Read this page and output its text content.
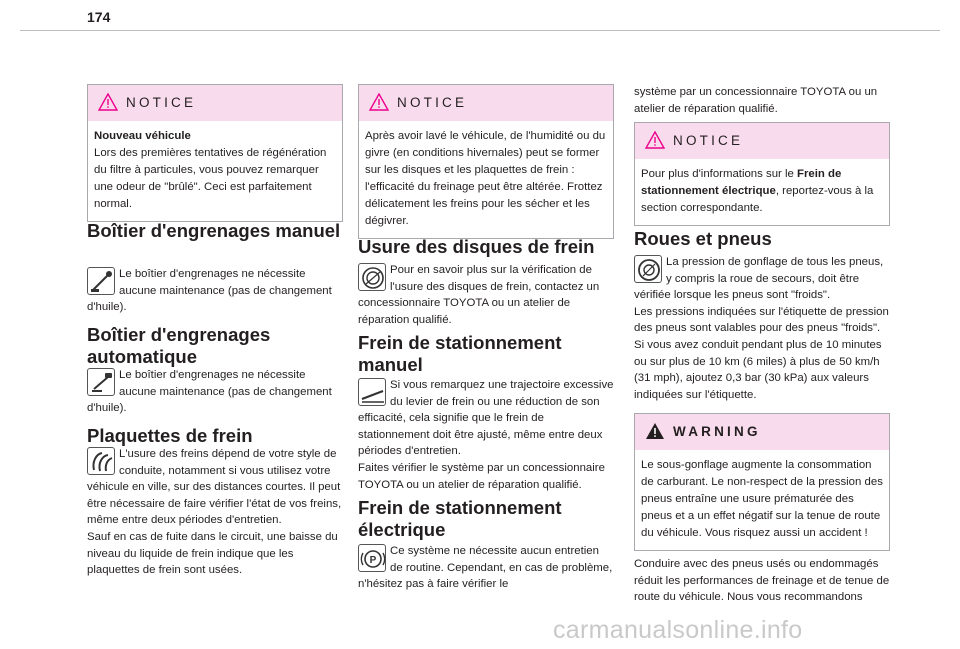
174
NOTICE
Nouveau véhicule
Lors des premières tentatives de régénération du filtre à particules, vous pouvez remarquer une odeur de "brûlé". Ceci est parfaitement normal.
Boîtier d'engrenages manuel
Le boîtier d'engrenages ne nécessite aucune maintenance (pas de changement d'huile).
Boîtier d'engrenages automatique
Le boîtier d'engrenages ne nécessite aucune maintenance (pas de changement d'huile).
Plaquettes de frein
L'usure des freins dépend de votre style de conduite, notamment si vous utilisez votre véhicule en ville, sur des distances courtes. Il peut être nécessaire de faire vérifier l'état de vos freins, même entre deux périodes d'entretien.
Sauf en cas de fuite dans le circuit, une baisse du niveau du liquide de frein indique que les plaquettes de frein sont usées.
NOTICE
Après avoir lavé le véhicule, de l'humidité ou du givre (en conditions hivernales) peut se former sur les disques et les plaquettes de frein : l'efficacité du freinage peut être altérée. Frottez délicatement les freins pour les sécher et les dégivrer.
Usure des disques de frein
Pour en savoir plus sur la vérification de l'usure des disques de frein, contactez un concessionnaire TOYOTA ou un atelier de réparation qualifié.
Frein de stationnement manuel
Si vous remarquez une trajectoire excessive du levier de frein ou une réduction de son efficacité, cela signifie que le frein de stationnement doit être ajusté, même entre deux périodes d'entretien.
Faites vérifier le système par un concessionnaire TOYOTA ou un atelier de réparation qualifié.
Frein de stationnement électrique
P
Ce système ne nécessite aucun entretien de routine. Cependant, en cas de problème, n'hésitez pas à faire vérifier le
système par un concessionnaire TOYOTA ou un atelier de réparation qualifié.
NOTICE
Pour plus d'informations sur le Frein de stationnement électrique, reportez-vous à la section correspondante.
Roues et pneus
La pression de gonflage de tous les pneus, y compris la roue de secours, doit être vérifiée lorsque les pneus sont "froids".
Les pressions indiquées sur l'étiquette de pression des pneus sont valables pour des pneus "froids". Si vous avez conduit pendant plus de 10 minutes ou sur plus de 10 km (6 miles) à plus de 50 km/h (31 mph), ajoutez 0,3 bar (30 kPa) aux valeurs indiquées sur l'étiquette.
WARNING
Le sous-gonflage augmente la consommation de carburant. Le non-respect de la pression des pneus entraîne une usure prématurée des pneus et a un effet négatif sur la tenue de route du véhicule. Vous risquez aussi un accident !
Conduire avec des pneus usés ou endommagés réduit les performances de freinage et de tenue de route du véhicule. Nous vous recommandons
carmanualsonline.info
